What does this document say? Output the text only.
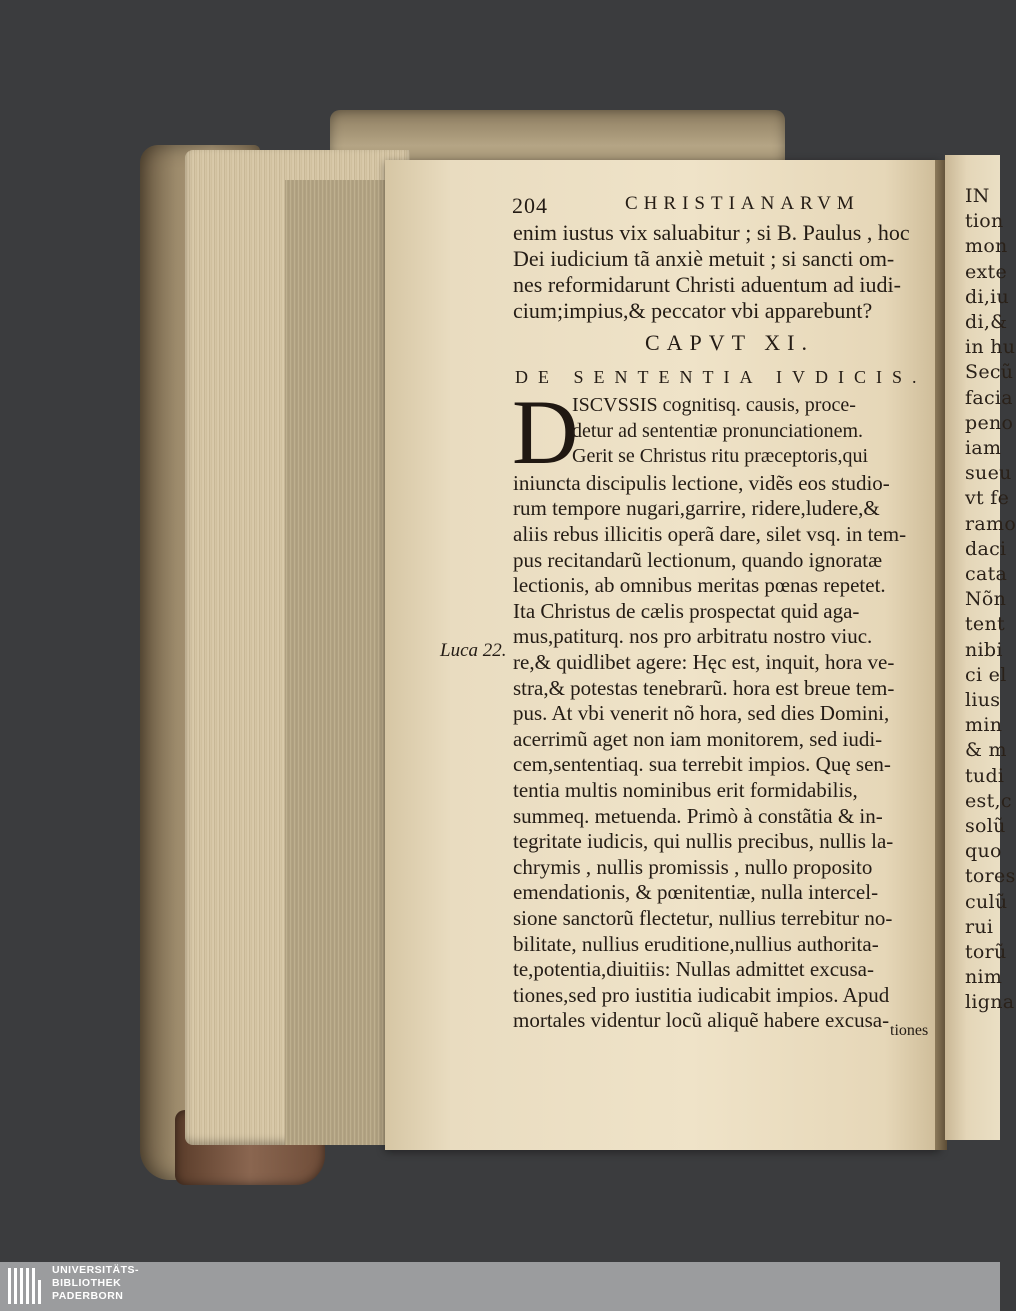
IN
tion
mon
exte
di,iu
di,&
in hu
Secũ
facia
peno
iam
sueu
vt fe
ramo
daci
cata
Nõn
tent
nibi
ci el
lius
min
& m
tudi
est,c
solũ
quo
tores
culũ
rui
torũ
nim
ligna
204	CHRISTIANARVM
enim iustus vix saluabitur ; si B. Paulus , hoc
Dei iudicium tã anxiè metuit ; si sancti om-
nes reformidarunt Christi aduentum ad iudi-
cium;impius,& peccator vbi apparebunt?
CAPVT XI.
DE SENTENTIA IVDICIS.
D
ISCVSSIS cognitisq. causis, proce-
detur ad sententiæ pronunciationem.
Gerit se Christus ritu præceptoris,qui
iniuncta discipulis lectione, vidẽs eos studio-
rum tempore nugari,garrire, ridere,ludere,&
aliis rebus illicitis operã dare, silet vsq. in tem-
pus recitandarũ lectionum, quando ignoratæ
lectionis, ab omnibus meritas pœnas repetet.
Ita Christus de cælis prospectat quid aga-
mus,patiturq. nos pro arbitratu nostro viuc.
re,& quidlibet agere: Hęc est, inquit, hora ve-
stra,& potestas tenebrarũ. hora est breue tem-
pus. At vbi venerit nõ hora, sed dies Domini,
acerrimũ aget non iam monitorem, sed iudi-
cem,sententiaq. sua terrebit impios. Quę sen-
tentia multis nominibus erit formidabilis,
summeq. metuenda. Primò à constãtia & in-
tegritate iudicis, qui nullis precibus, nullis la-
chrymis , nullis promissis , nullo proposito
emendationis, & pœnitentiæ, nulla intercel-
sione sanctorũ flectetur, nullius terrebitur no-
bilitate, nullius eruditione,nullius authorita-
te,potentia,diuitiis: Nullas admittet excusa-
tiones,sed pro iustitia iudicabit impios. Apud
mortales videntur locũ aliquẽ habere excusa-
Luca 22.
tiones
UNIVERSITÄTS-
BIBLIOTHEK
PADERBORN
